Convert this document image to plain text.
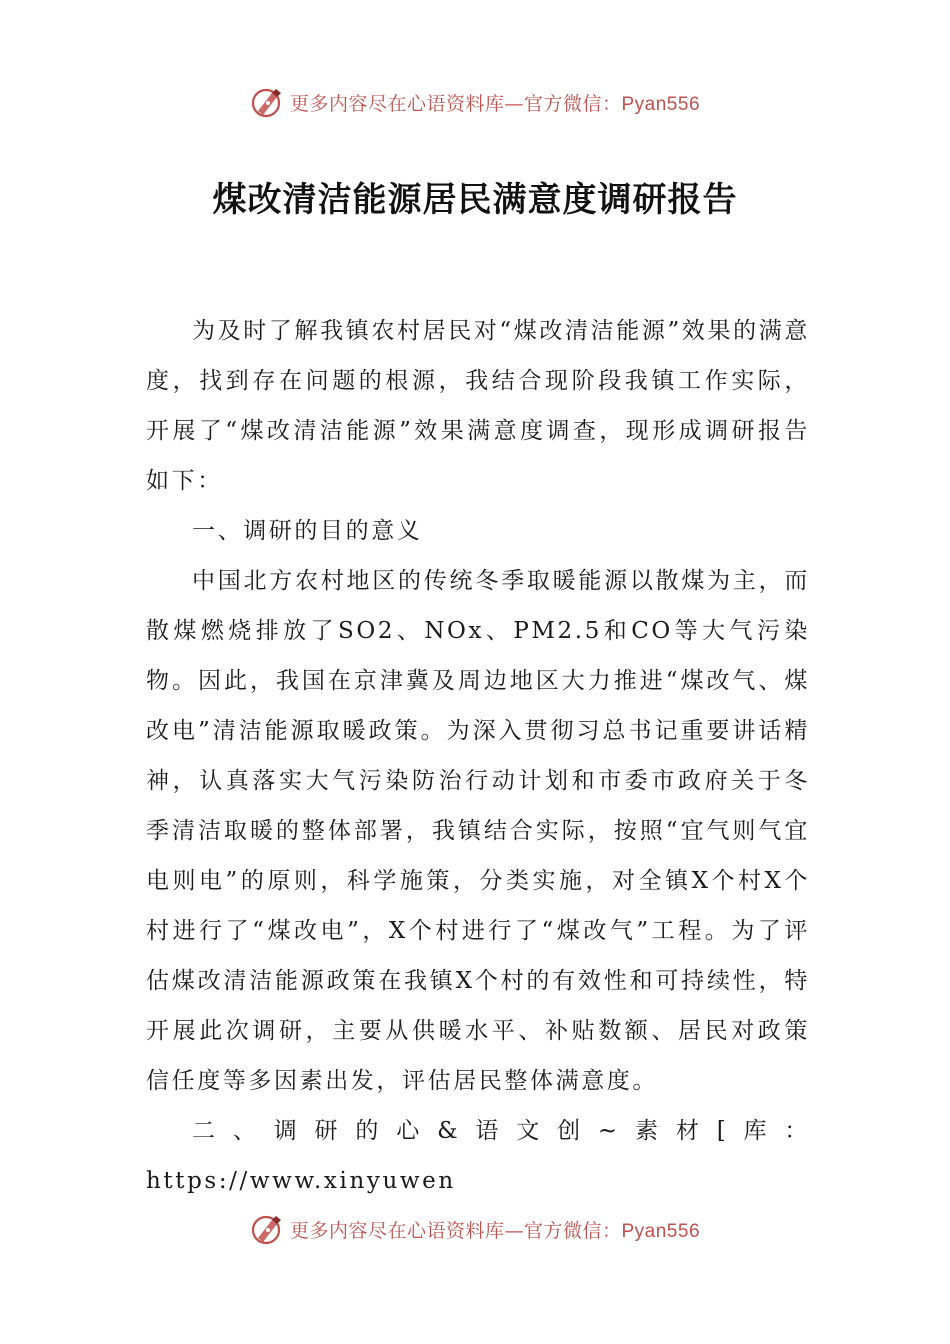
更多内容尽在心语资料库—官方微信：Pyan556
煤改清洁能源居民满意度调研报告

为及时了解我镇农村居民对“煤改清洁能源”效果的满意度，找到存在问题的根源，我结合现阶段我镇工作实际，开展了“煤改清洁能源”效果满意度调查，现形成调研报告如下：

一、调研的目的意义

中国北方农村地区的传统冬季取暖能源以散煤为主，而散煤燃烧排放了SO2、NOx、PM2.5和CO等大气污染物。因此，我国在京津冀及周边地区大力推进“煤改气、煤改电”清洁能源取暖政策。为深入贯彻习总书记重要讲话精神，认真落实大气污染防治行动计划和市委市政府关于冬季清洁取暖的整体部署，我镇结合实际，按照“宜气则气宜电则电”的原则，科学施策，分类实施，对全镇X个村X个村进行了“煤改电”，X个村进行了“煤改气”工程。为了评估煤改清洁能源政策在我镇X个村的有效性和可持续性，特开展此次调研，主要从供暖水平、补贴数额、居民对政策信任度等多因素出发，评估居民整体满意度。

二、调研的心&语文创~素材[库：https://www.xinyuwen

更多内容尽在心语资料库—官方微信：Pyan556
